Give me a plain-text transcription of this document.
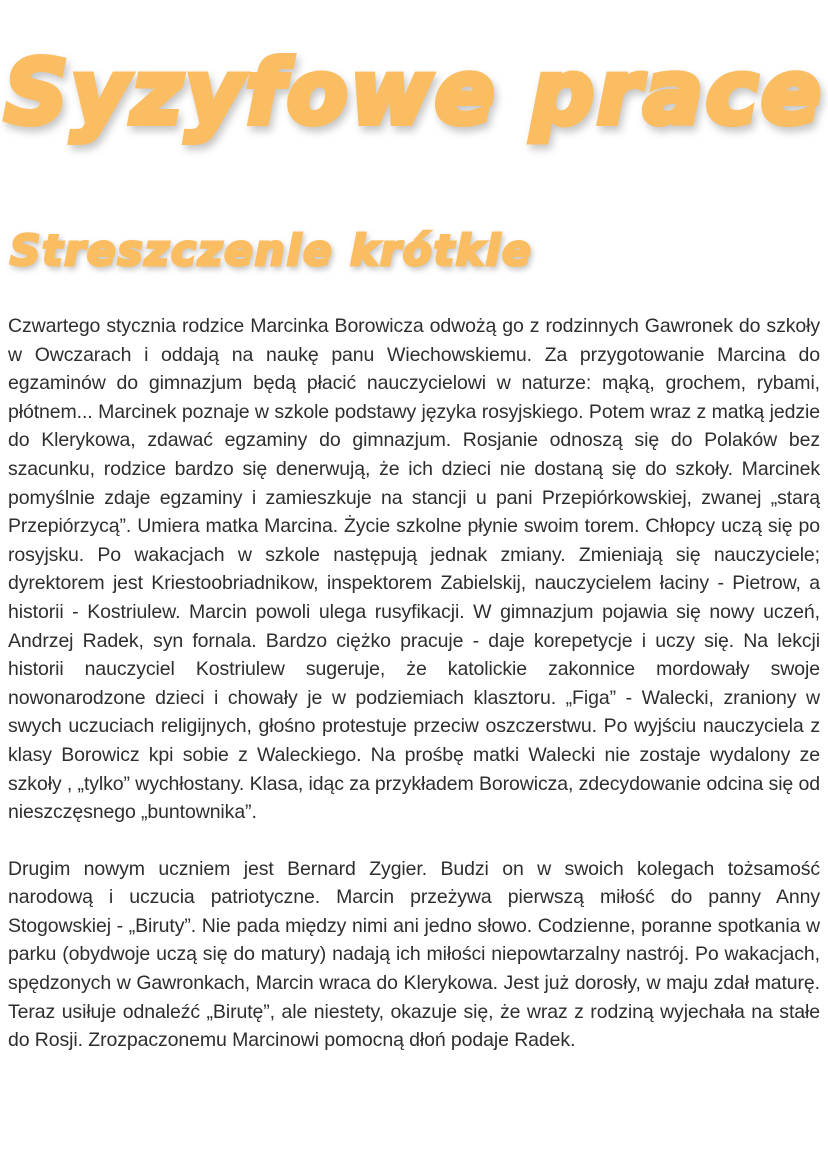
Syzyfowe prace
Streszczenie krótkie

Czwartego stycznia rodzice Marcinka Borowicza odwożą go z rodzinnych Gawronek do szkoły w Owczarach i oddają na naukę panu Wiechowskiemu. Za przygotowanie Marcina do egzaminów do gimnazjum będą płacić nauczycielowi w naturze: mąką, grochem, rybami, płótnem... Marcinek poznaje w szkole podstawy języka rosyjskiego. Potem wraz z matką jedzie do Klerykowa, zdawać egzaminy do gimnazjum. Rosjanie odnoszą się do Polaków bez szacunku, rodzice bardzo się denerwują, że ich dzieci nie dostaną się do szkoły. Marcinek pomyślnie zdaje egzaminy i zamieszkuje na stancji u pani Przepiórkowskiej, zwanej „starą Przepiórzycą”. Umiera matka Marcina. Życie szkolne płynie swoim torem. Chłopcy uczą się po rosyjsku. Po wakacjach w szkole następują jednak zmiany. Zmieniają się nauczyciele; dyrektorem jest Kriestoobriadnikow, inspektorem Zabielskij, nauczycielem łaciny - Pietrow, a historii - Kostriulew. Marcin powoli ulega rusyfikacji. W gimnazjum pojawia się nowy uczeń, Andrzej Radek, syn fornala. Bardzo ciężko pracuje - daje korepetycje i uczy się. Na lekcji historii nauczyciel Kostriulew sugeruje, że katolickie zakonnice mordowały swoje nowonarodzone dzieci i chowały je w podziemiach klasztoru. „Figa” - Walecki, zraniony w swych uczuciach religijnych, głośno protestuje przeciw oszczerstwu. Po wyjściu nauczyciela z klasy Borowicz kpi sobie z Waleckiego. Na prośbę matki Walecki nie zostaje wydalony ze szkoły , „tylko” wychłostany. Klasa, idąc za przykładem Borowicza, zdecydowanie odcina się od nieszczęsnego „buntownika”.

Drugim nowym uczniem jest Bernard Zygier. Budzi on w swoich kolegach tożsamość narodową i uczucia patriotyczne. Marcin przeżywa pierwszą miłość do panny Anny Stogowskiej - „Biruty”. Nie pada między nimi ani jedno słowo. Codzienne, poranne spotkania w parku (obydwoje uczą się do matury) nadają ich miłości niepowtarzalny nastrój. Po wakacjach, spędzonych w Gawronkach, Marcin wraca do Klerykowa. Jest już dorosły, w maju zdał maturę. Teraz usiłuje odnaleźć „Birutę”, ale niestety, okazuje się, że wraz z rodziną wyjechała na stałe do Rosji. Zrozpaczonemu Marcinowi pomocną dłoń podaje Radek.
